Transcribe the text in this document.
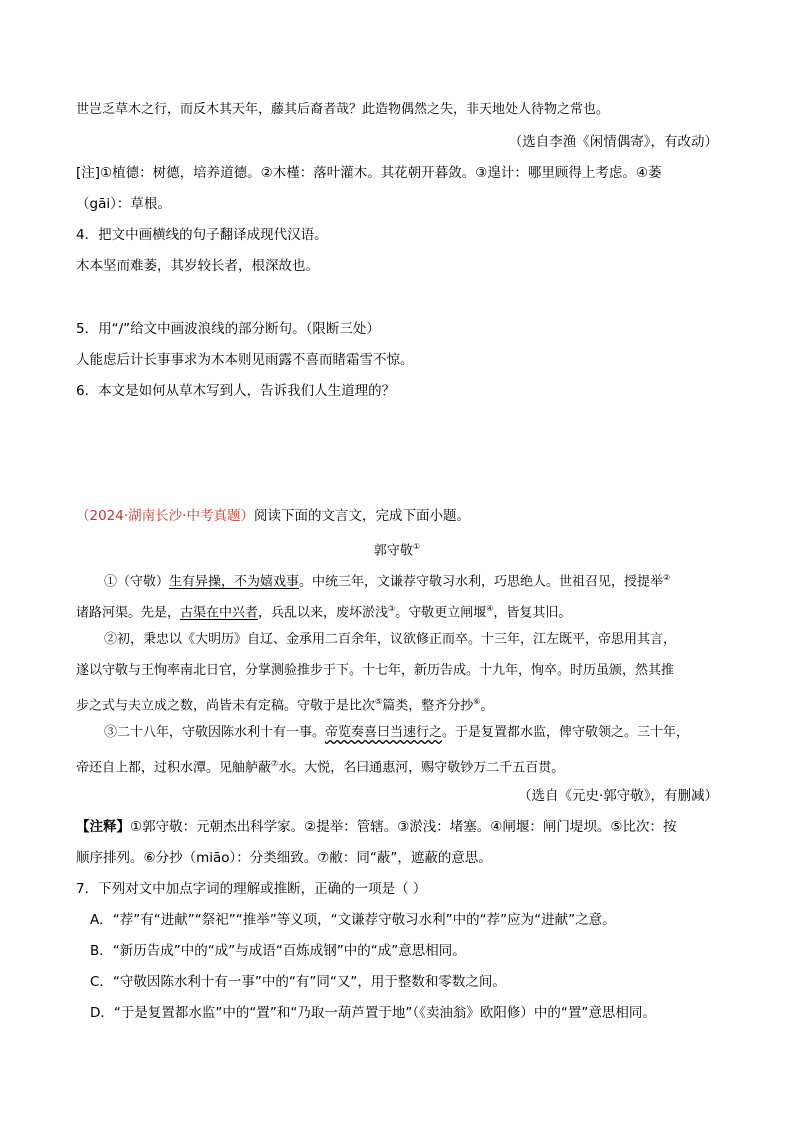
世岂乏草木之行，而反木其天年，藤其后裔者哉？此造物偶然之失，非天地处人待物之常也。
（选自李渔《闲情偶寄》，有改动）
[注]①植德：树德，培养道德。②木槿：落叶灌木。其花朝开暮敛。③遑计：哪里顾得上考虑。④萎
（gāi）：草根。
4．把文中画横线的句子翻译成现代汉语。
木本坚而难萎，其岁较长者，根深故也。
5．用“/”给文中画波浪线的部分断句。（限断三处）
人能虑后计长事事求为木本则见雨露不喜而睹霜雪不惊。
6．本文是如何从草木写到人，告诉我们人生道理的？
（2024·湖南长沙·中考真题）阅读下面的文言文，完成下面小题。
郭守敬①
①（守敬）生有异操，不为嬉戏事。中统三年，文谦荐守敬习水利，巧思绝人。世祖召见，授提举②
诸路河渠。先是，古渠在中兴者，兵乱以来，废坏淤浅③。守敬更立闸堰④，皆复其旧。
②初，秉忠以《大明历》自辽、金承用二百余年，议欲修正而卒。十三年，江左既平，帝思用其言，
遂以守敬与王恂率南北日官，分掌测验推步于下。十七年，新历告成。十九年，恂卒。时历虽颁，然其推
步之式与夫立成之数，尚皆未有定稿。守敬于是比次⑤篇类，整齐分抄⑥。
③二十八年，守敬因陈水利十有一事。帝览奏喜曰当速行之。于是复置都水监，俾守敬领之。三十年，
帝还自上都，过积水潭。见舳舻蔽⑦水。大悦，名曰通惠河，赐守敬钞万二千五百贯。
（选自《元史·郭守敬》，有删减）
【注释】①郭守敬：元朝杰出科学家。②提举：管辖。③淤浅：堵塞。④闸堰：闸门堤坝。⑤比次：按
顺序排列。⑥分抄（miāo）：分类细致。⑦敝：同“蔽”，遮蔽的意思。
7．下列对文中加点字词的理解或推断，正确的一项是（ ）
A．“荐”有“进献”“祭祀”“推举”等义项，“文谦荐守敬习水利”中的“荐”应为“进献”之意。
B．“新历告成”中的“成”与成语“百炼成钢”中的“成”意思相同。
C．“守敬因陈水利十有一事”中的“有”同“又”，用于整数和零数之间。
D．“于是复置都水监”中的“置”和“乃取一葫芦置于地”（《卖油翁》欧阳修）中的“置”意思相同。
